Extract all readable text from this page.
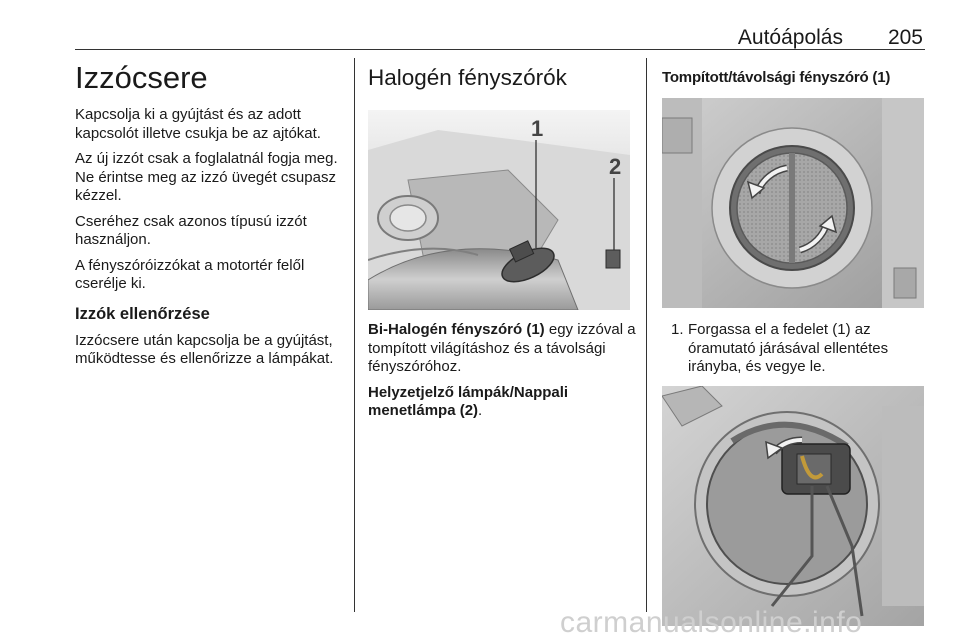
Autóápolás 205
Izzócsere

Kapcsolja ki a gyújtást és az adott kapcsolót illetve csukja be az ajtókat.

Az új izzót csak a foglalatnál fogja meg. Ne érintse meg az izzó üvegét csupasz kézzel.

Cseréhez csak azonos típusú izzót használjon.

A fényszóróizzókat a motortér felől cserélje ki.

Izzók ellenőrzése

Izzócsere után kapcsolja be a gyújtást, működtesse és ellenőrizze a lámpákat.

Halogén fényszórók
1
2

Bi-Halogén fényszóró (1) egy izzóval a tompított világításhoz és a távolsági fényszóróhoz.

Helyzetjelző lámpák/Nappali menetlámpa (2).

Tompított/távolsági fényszóró (1)
1. Forgassa el a fedelet (1) az óramutató járásával ellentétes irányba, és vegye le.
carmanualsonline.info
